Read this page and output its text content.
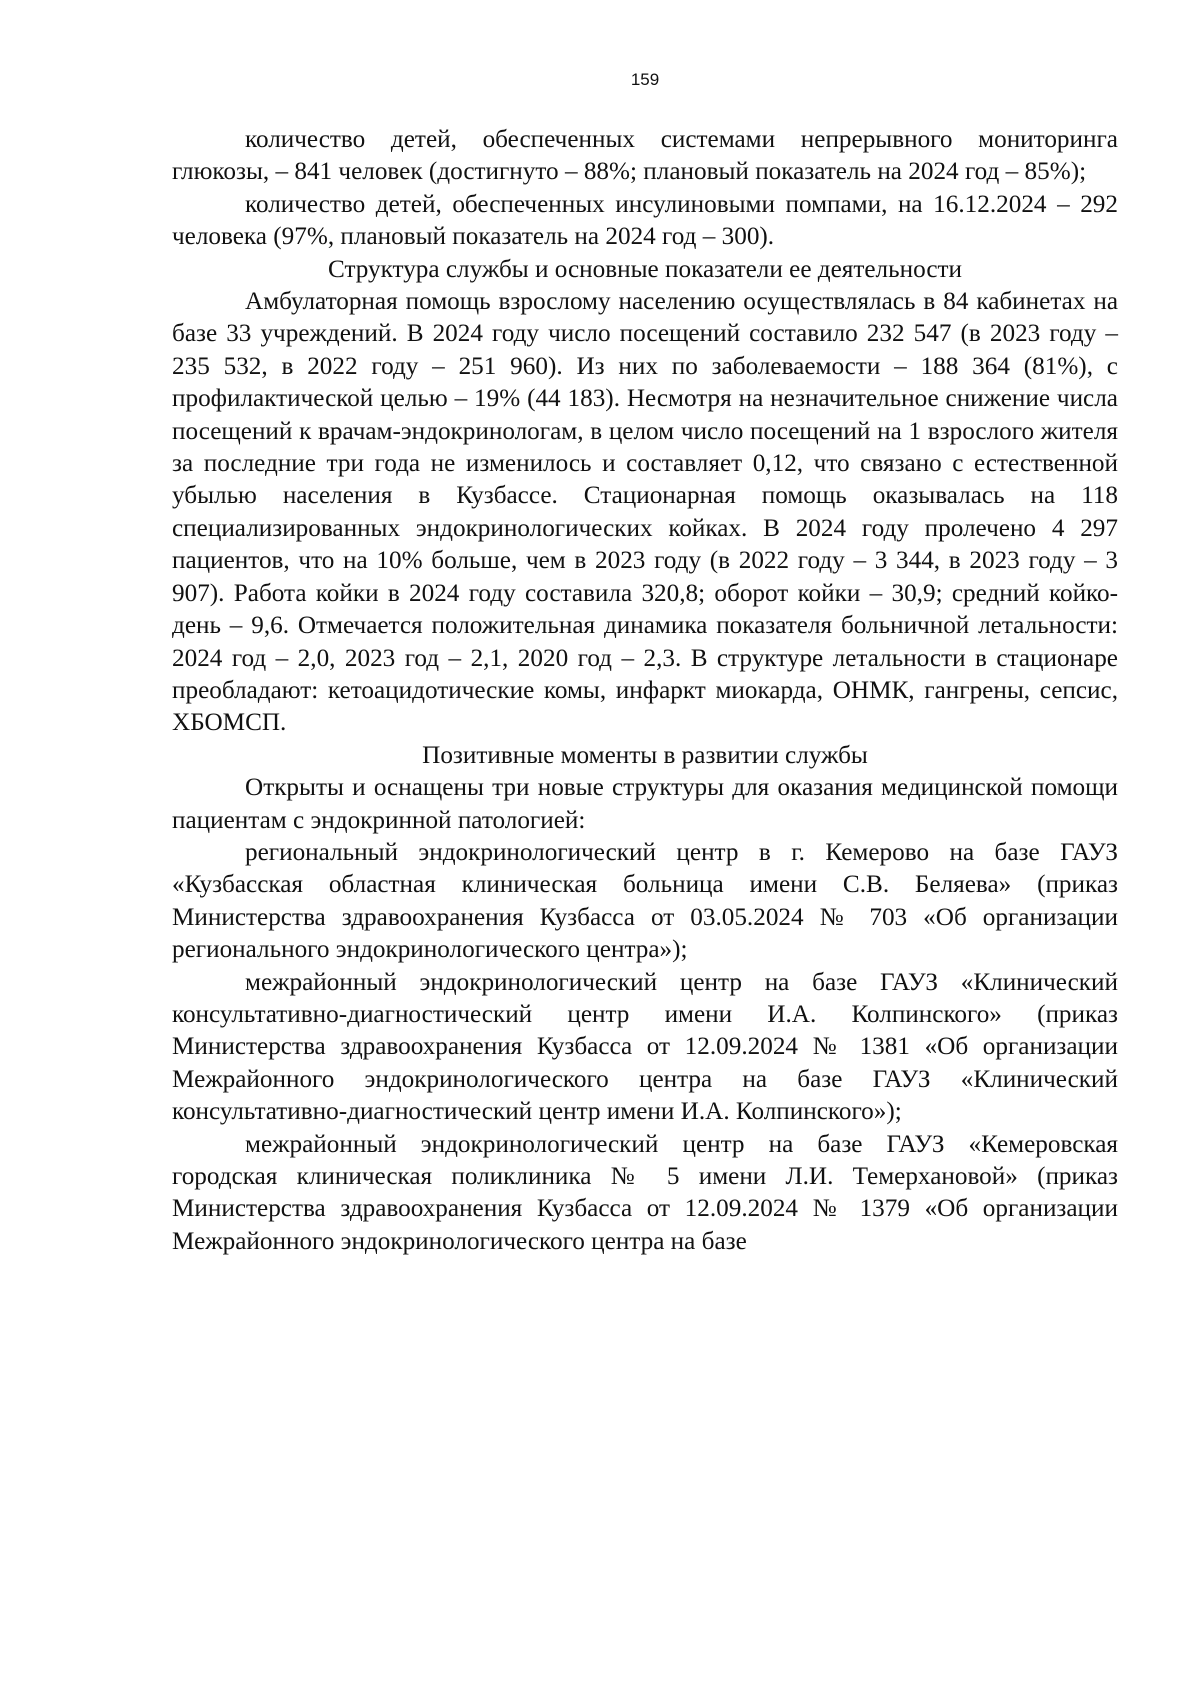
159

количество детей, обеспеченных системами непрерывного мониторинга глюкозы, – 841 человек (достигнуто – 88%; плановый показатель на 2024 год – 85%);

количество детей, обеспеченных инсулиновыми помпами, на 16.12.2024 – 292 человека (97%, плановый показатель на 2024 год – 300).

Структура службы и основные показатели ее деятельности

Амбулаторная помощь взрослому населению осуществлялась в 84 кабинетах на базе 33 учреждений. В 2024 году число посещений составило 232 547 (в 2023 году – 235 532, в 2022 году – 251 960). Из них по заболеваемости – 188 364 (81%), с профилактической целью – 19% (44 183). Несмотря на незначительное снижение числа посещений к врачам-эндокринологам, в целом число посещений на 1 взрослого жителя за последние три года не изменилось и составляет 0,12, что связано с естественной убылью населения в Кузбассе. Стационарная помощь оказывалась на 118 специализированных эндокринологических койках. В 2024 году пролечено 4 297 пациентов, что на 10% больше, чем в 2023 году (в 2022 году – 3 344, в 2023 году – 3 907). Работа койки в 2024 году составила 320,8; оборот койки – 30,9; средний койко-день – 9,6. Отмечается положительная динамика показателя больничной летальности: 2024 год – 2,0, 2023 год – 2,1, 2020 год – 2,3. В структуре летальности в стационаре преобладают: кетоацидотические комы, инфаркт миокарда, ОНМК, гангрены, сепсис, ХБОМСП.

Позитивные моменты в развитии службы

Открыты и оснащены три новые структуры для оказания медицинской помощи пациентам с эндокринной патологией:

региональный эндокринологический центр в г. Кемерово на базе ГАУЗ «Кузбасская областная клиническая больница имени С.В. Беляева» (приказ Министерства здравоохранения Кузбасса от 03.05.2024 № 703 «Об организации регионального эндокринологического центра»);

межрайонный эндокринологический центр на базе ГАУЗ «Клинический консультативно-диагностический центр имени И.А. Колпинского» (приказ Министерства здравоохранения Кузбасса от 12.09.2024 № 1381 «Об организации Межрайонного эндокринологического центра на базе ГАУЗ «Клинический консультативно-диагностический центр имени И.А. Колпинского»);

межрайонный эндокринологический центр на базе ГАУЗ «Кемеровская городская клиническая поликлиника № 5 имени Л.И. Темерхановой» (приказ Министерства здравоохранения Кузбасса от 12.09.2024 № 1379 «Об организации Межрайонного эндокринологического центра на базе
